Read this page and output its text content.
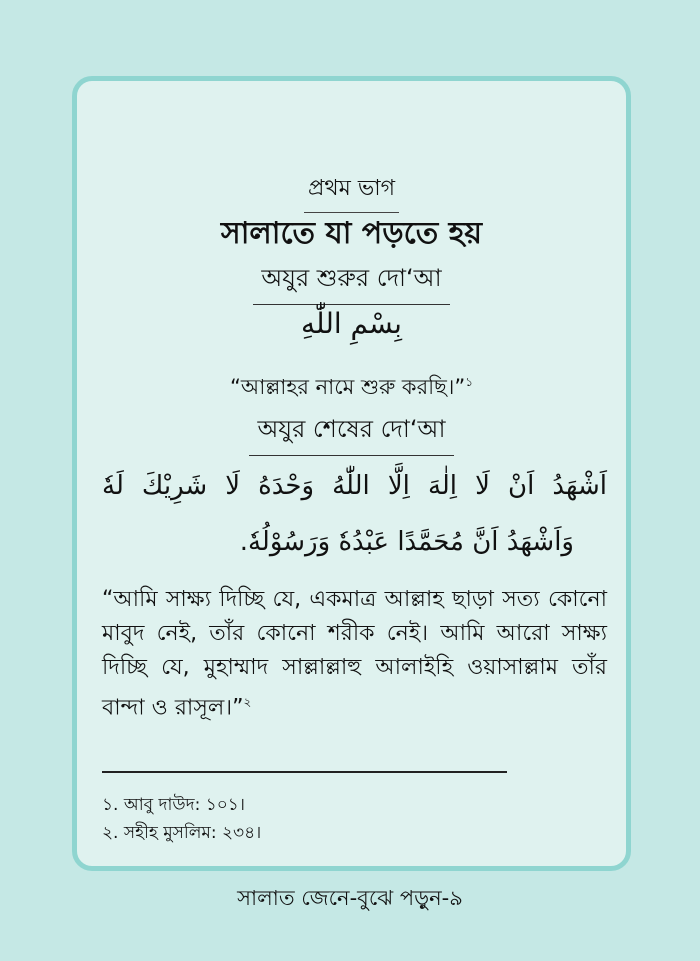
প্রথম ভাগ
সালাতে যা পড়তে হয়
অযুর শুরুর দো‘আ
بِسْمِ اللّٰهِ
“আল্লাহর নামে শুরু করছি।”$^১$
অযুর শেষের দো‘আ
اَشْهَدُ اَنْ لَا اِلٰهَ اِلَّا اللّٰهُ وَحْدَهُ لَا شَرِيْكَ لَهٗ
وَاَشْهَدُ اَنَّ مُحَمَّدًا عَبْدُهٗ وَرَسُوْلُهٗ.
“আমি সাক্ষ্য দিচ্ছি যে, একমাত্র আল্লাহ ছাড়া সত্য কোনো মাবুদ নেই, তাঁর কোনো শরীক নেই। আমি আরো সাক্ষ্য দিচ্ছি যে, মুহাম্মাদ সাল্লাল্লাহু আলাইহি ওয়াসাল্লাম তাঁর বান্দা ও রাসূল।”$^২$
১. আবু দাউদ: ১০১।
২. সহীহ মুসলিম: ২৩৪।
সালাত জেনে-বুঝে পড়ুন-৯
